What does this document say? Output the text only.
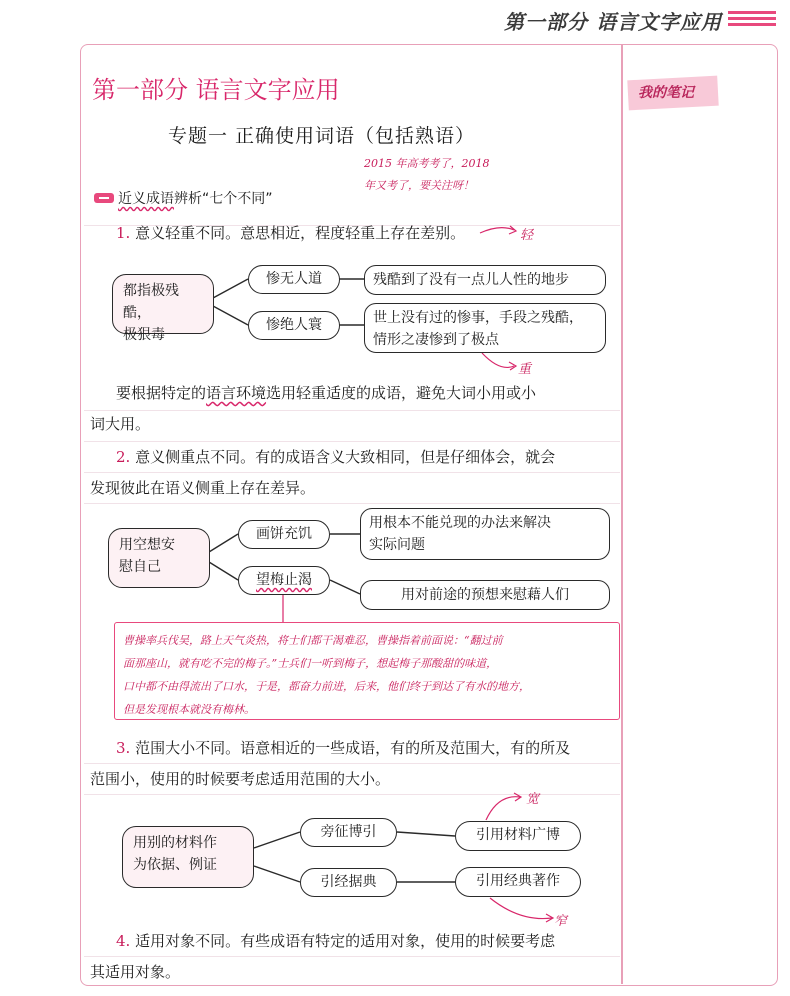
第一部分 语言文字应用
我的笔记
第一部分 语言文字应用
专题一 正确使用词语（包括熟语）
2015 年高考考了，2018
年又考了，要关注呀！
近义成语辨析“七个不同”
1. 意义轻重不同。意思相近，程度轻重上存在差别。	轻
都指极残酷，
极狠毒
惨无人道
惨绝人寰
残酷到了没有一点儿人性的地步
世上没有过的惨事，手段之残酷，
情形之凄惨到了极点
重
要根据特定的语言环境选用轻重适度的成语，避免大词小用或小
词大用。
2. 意义侧重点不同。有的成语含义大致相同，但是仔细体会，就会
发现彼此在语义侧重上存在差异。
用空想安
慰自己
画饼充饥
望梅止渴
用根本不能兑现的办法来解决
实际问题
用对前途的预想来慰藉人们
曹操率兵伐吴，路上天气炎热，将士们都干渴难忍，曹操指着前面说：“翻过前
面那座山，就有吃不完的梅子。”士兵们一听到梅子，想起梅子那酸甜的味道，
口中都不由得流出了口水，于是，都奋力前进，后来，他们终于到达了有水的地方，
但是发现根本就没有梅林。
3. 范围大小不同。语意相近的一些成语，有的所及范围大，有的所及
范围小，使用的时候要考虑适用范围的大小。
宽
用别的材料作
为依据、例证
旁征博引
引经据典
引用材料广博
引用经典著作
窄
4. 适用对象不同。有些成语有特定的适用对象，使用的时候要考虑
其适用对象。
